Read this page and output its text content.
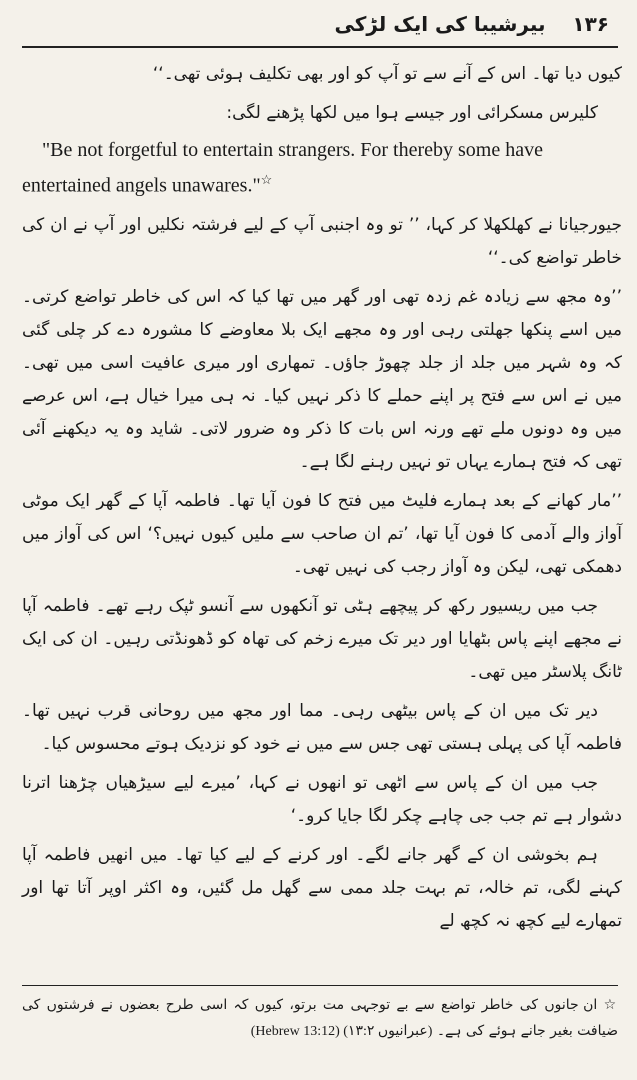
۱۳۶
بیرشیبا کی ایک لڑکی

کیوں دیا تھا۔ اس کے آنے سے تو آپ کو اور بھی تکلیف ہوئی تھی۔‘‘

کلیرس مسکرائی اور جیسے ہوا میں لکھا پڑھنے لگی:

"Be not forgetful to entertain strangers. For thereby some have entertained angels unawares."☆

جیورجیانا نے کھلکھلا کر کہا، ’’ تو وہ اجنبی آپ کے لیے فرشتہ نکلیں اور آپ نے ان کی خاطر تواضع کی۔‘‘

’’وہ مجھ سے زیادہ غم زدہ تھی اور گھر میں تھا کیا کہ اس کی خاطر تواضع کرتی۔ میں اسے پنکھا جھلتی رہی اور وہ مجھے ایک بلا معاوضے کا مشورہ دے کر چلی گئی کہ وہ شہر میں جلد از جلد چھوڑ جاؤں۔ تمھاری اور میری عافیت اسی میں تھی۔ میں نے اس سے فتح پر اپنے حملے کا ذکر نہیں کیا۔ نہ ہی میرا خیال ہے، اس عرصے میں وہ دونوں ملے تھے ورنہ اس بات کا ذکر وہ ضرور لاتی۔ شاید وہ یہ دیکھنے آئی تھی کہ فتح ہمارے یہاں تو نہیں رہنے لگا ہے۔

’’مار کھانے کے بعد ہمارے فلیٹ میں فتح کا فون آیا تھا۔ فاطمہ آپا کے گھر ایک موٹی آواز والے آدمی کا فون آیا تھا، ’تم ان صاحب سے ملیں کیوں نہیں؟‘ اس کی آواز میں دھمکی تھی، لیکن وہ آواز رجب کی نہیں تھی۔

جب میں ریسیور رکھ کر پیچھے ہٹی تو آنکھوں سے آنسو ٹپک رہے تھے۔ فاطمہ آپا نے مجھے اپنے پاس بٹھایا اور دیر تک میرے زخم کی تھاہ کو ڈھونڈتی رہیں۔ ان کی ایک ٹانگ پلاسٹر میں تھی۔

دیر تک میں ان کے پاس بیٹھی رہی۔ مما اور مجھ میں روحانی قرب نہیں تھا۔ فاطمہ آپا کی پہلی ہستی تھی جس سے میں نے خود کو نزدیک ہوتے محسوس کیا۔

جب میں ان کے پاس سے اٹھی تو انھوں نے کہا، ’میرے لیے سیڑھیاں چڑھنا اترنا دشوار ہے تم جب جی چاہے چکر لگا جایا کرو۔‘

ہم بخوشی ان کے گھر جانے لگے۔ اور کرنے کے لیے کیا تھا۔ میں انھیں فاطمہ آپا کہنے لگی، تم خالہ، تم بہت جلد ممی سے گھل مل گئیں، وہ اکثر اوپر آتا تھا اور تمھارے لیے کچھ نہ کچھ لے

☆ ان جانوں کی خاطر تواضع سے بے توجہی مت برتو، کیوں کہ اسی طرح بعضوں نے فرشتوں کی ضیافت بغیر جانے ہوئے کی ہے۔ (Hebrew 13:12) (عبرانیوں ۱۳:۲)
